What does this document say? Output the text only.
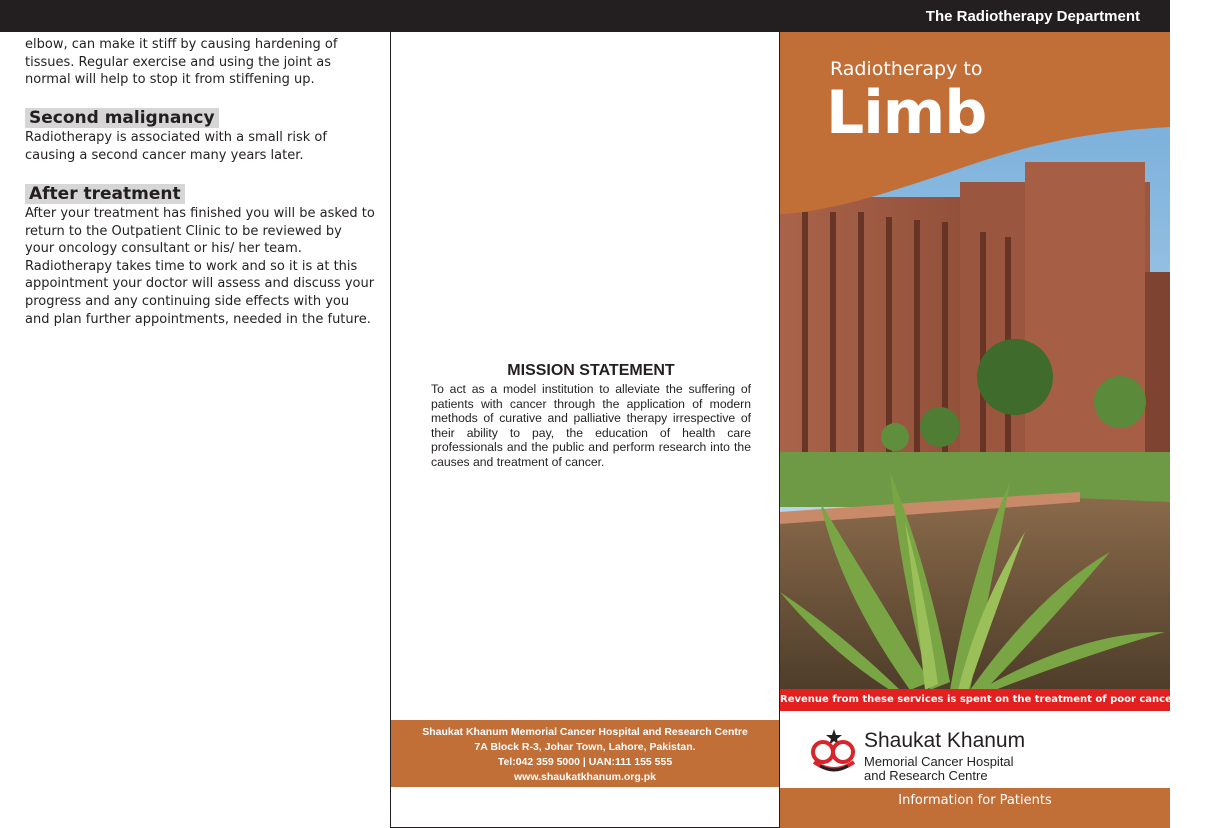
The Radiotherapy Department

elbow, can make it stiff by causing hardening of tissues. Regular exercise and using the joint as normal will help to stop it from stiffening up.

Second malignancy

Radiotherapy is associated with a small risk of causing a second cancer many years later.

After treatment

After your treatment has finished you will be asked to return to the Outpatient Clinic to be reviewed by your oncology consultant or his/ her team.

Radiotherapy takes time to work and so it is at this appointment your doctor will assess and discuss your progress and any continuing side effects with you and plan further appointments, needed in the future.

MISSION STATEMENT

To act as a model institution to alleviate the suffering of patients with cancer through the application of modern methods of curative and palliative therapy irrespective of their ability to pay, the education of health care professionals and the public and perform research into the causes and treatment of cancer.

Shaukat Khanum Memorial Cancer Hospital and Research Centre
7A Block R-3, Johar Town, Lahore, Pakistan.
Tel:042 359 5000 | UAN:111 155 555
www.shaukatkhanum.org.pk
Radiotherapy to
Limb
Revenue from these services is spent on the treatment of poor cancer patients.
Shaukat Khanum
Memorial Cancer Hospital
and Research Centre
Information for Patients
